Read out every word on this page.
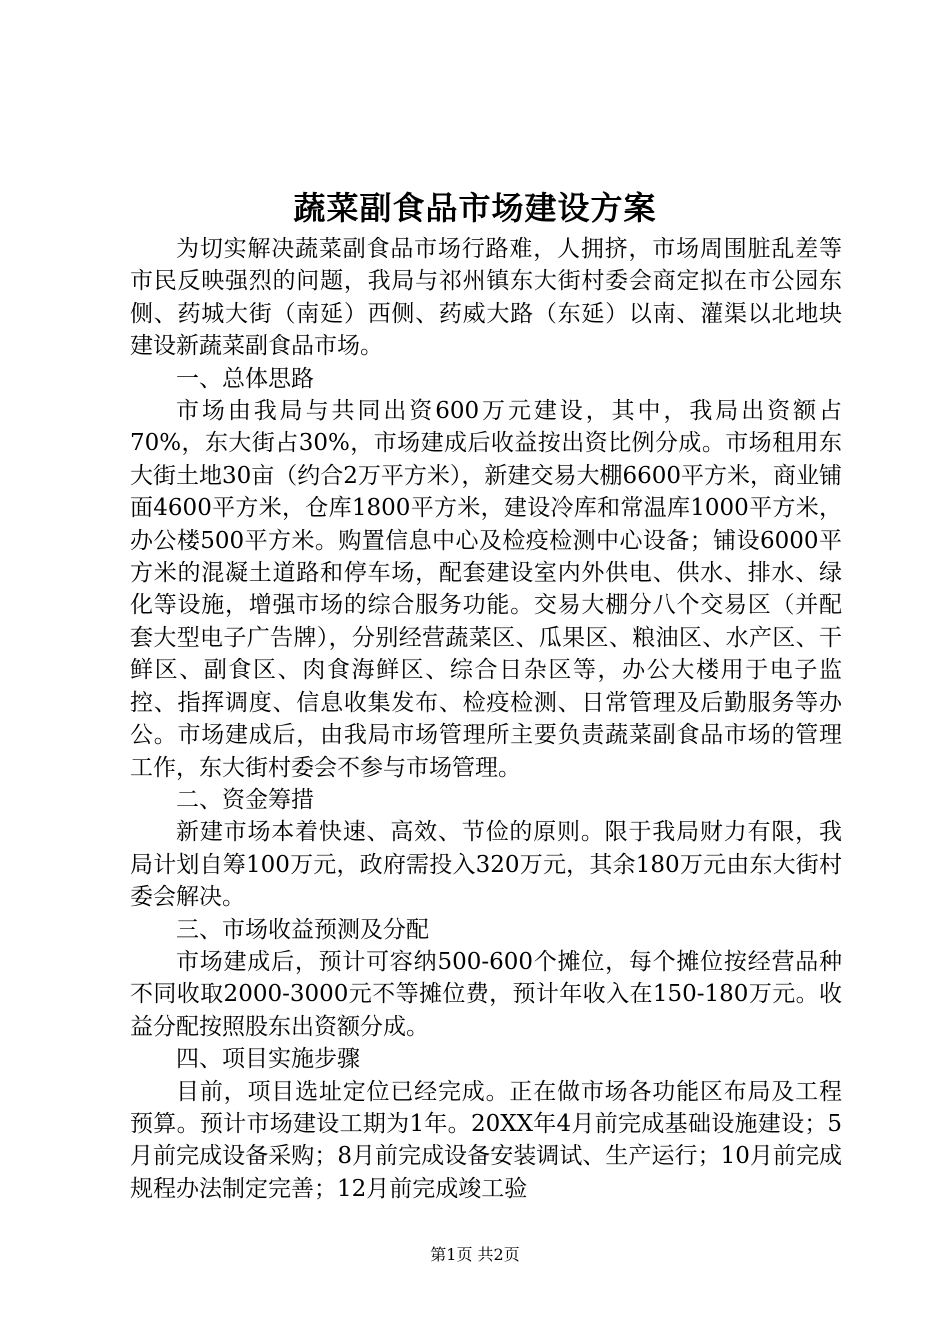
蔬菜副食品市场建设方案

为切实解决蔬菜副食品市场行路难，人拥挤，市场周围脏乱差等市民反映强烈的问题，我局与祁州镇东大街村委会商定拟在市公园东侧、药城大街（南延）西侧、药威大路（东延）以南、灌渠以北地块建设新蔬菜副食品市场。

一、总体思路

市场由我局与共同出资600万元建设，其中，我局出资额占70%，东大街占30%，市场建成后收益按出资比例分成。市场租用东大街土地30亩（约合2万平方米），新建交易大棚6600平方米，商业铺面4600平方米，仓库1800平方米，建设冷库和常温库1000平方米，办公楼500平方米。购置信息中心及检疫检测中心设备；铺设6000平方米的混凝土道路和停车场，配套建设室内外供电、供水、排水、绿化等设施，增强市场的综合服务功能。交易大棚分八个交易区（并配套大型电子广告牌），分别经营蔬菜区、瓜果区、粮油区、水产区、干鲜区、副食区、肉食海鲜区、综合日杂区等，办公大楼用于电子监控、指挥调度、信息收集发布、检疫检测、日常管理及后勤服务等办公。市场建成后，由我局市场管理所主要负责蔬菜副食品市场的管理工作，东大街村委会不参与市场管理。

二、资金筹措

新建市场本着快速、高效、节俭的原则。限于我局财力有限，我局计划自筹100万元，政府需投入320万元，其余180万元由东大街村委会解决。

三、市场收益预测及分配

市场建成后，预计可容纳500-600个摊位，每个摊位按经营品种不同收取2000-3000元不等摊位费，预计年收入在150-180万元。收益分配按照股东出资额分成。

四、项目实施步骤

目前，项目选址定位已经完成。正在做市场各功能区布局及工程预算。预计市场建设工期为1年。20XX年4月前完成基础设施建设；5月前完成设备采购；8月前完成设备安装调试、生产运行；10月前完成规程办法制定完善；12月前完成竣工验

第1页 共2页
